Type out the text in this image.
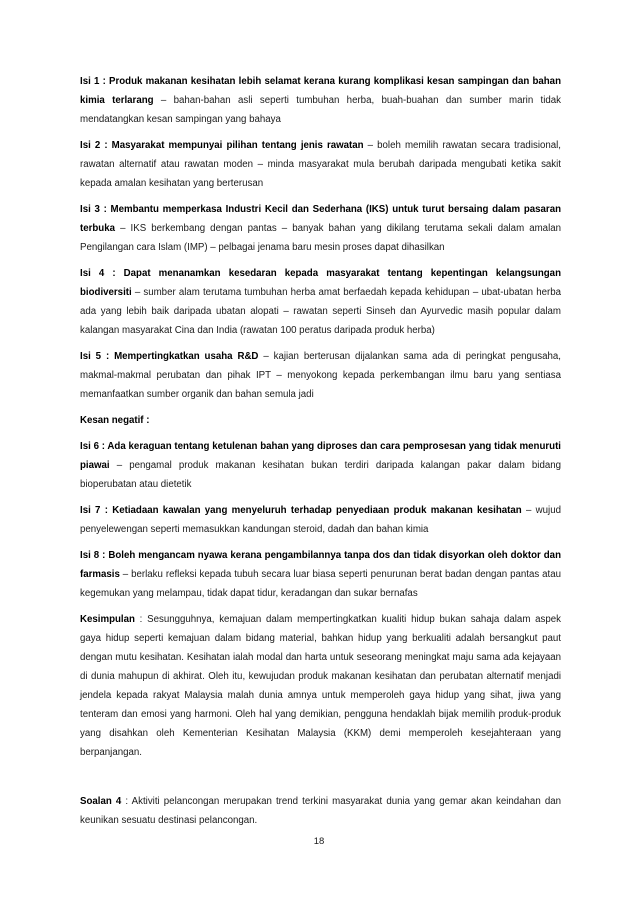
Isi 1 : Produk makanan kesihatan lebih selamat kerana kurang komplikasi kesan sampingan dan bahan kimia terlarang – bahan-bahan asli seperti tumbuhan herba, buah-buahan dan sumber marin tidak mendatangkan kesan sampingan yang bahaya

Isi 2 : Masyarakat mempunyai pilihan tentang jenis rawatan – boleh memilih rawatan secara tradisional, rawatan alternatif atau rawatan moden – minda masyarakat mula berubah daripada mengubati ketika sakit kepada amalan kesihatan yang berterusan

Isi 3 : Membantu memperkasa Industri Kecil dan Sederhana (IKS) untuk turut bersaing dalam pasaran terbuka – IKS berkembang dengan pantas – banyak bahan yang dikilang terutama sekali dalam amalan Pengilangan cara Islam (IMP) – pelbagai jenama baru mesin proses dapat dihasilkan

Isi 4 : Dapat menanamkan kesedaran kepada masyarakat tentang kepentingan kelangsungan biodiversiti – sumber alam terutama tumbuhan herba amat berfaedah kepada kehidupan – ubat-ubatan herba ada yang lebih baik daripada ubatan alopati – rawatan seperti Sinseh dan Ayurvedic masih popular dalam kalangan masyarakat Cina dan India (rawatan 100 peratus daripada produk herba)

Isi 5 : Mempertingkatkan usaha R&D – kajian berterusan dijalankan sama ada di peringkat pengusaha, makmal-makmal perubatan dan pihak IPT – menyokong kepada perkembangan ilmu baru yang sentiasa memanfaatkan sumber organik dan bahan semula jadi

Kesan negatif :

Isi 6 : Ada keraguan tentang ketulenan bahan yang diproses dan cara pemprosesan yang tidak menuruti piawai – pengamal produk makanan kesihatan bukan terdiri daripada kalangan pakar dalam bidang bioperubatan atau dietetik

Isi 7 : Ketiadaan kawalan yang menyeluruh terhadap penyediaan produk makanan kesihatan – wujud penyelewengan seperti memasukkan kandungan steroid, dadah dan bahan kimia

Isi 8 : Boleh mengancam nyawa kerana pengambilannya tanpa dos dan tidak disyorkan oleh doktor dan farmasis – berlaku refleksi kepada tubuh secara luar biasa seperti penurunan berat badan dengan pantas atau kegemukan yang melampau, tidak dapat tidur, keradangan dan sukar bernafas

Kesimpulan : Sesungguhnya, kemajuan dalam mempertingkatkan kualiti hidup bukan sahaja dalam aspek gaya hidup seperti kemajuan dalam bidang material, bahkan hidup yang berkualiti adalah bersangkut paut dengan mutu kesihatan. Kesihatan ialah modal dan harta untuk seseorang meningkat maju sama ada kejayaan di dunia mahupun di akhirat. Oleh itu, kewujudan produk makanan kesihatan dan perubatan alternatif menjadi jendela kepada rakyat Malaysia malah dunia amnya untuk memperoleh gaya hidup yang sihat, jiwa yang tenteram dan emosi yang harmoni. Oleh hal yang demikian, pengguna hendaklah bijak memilih produk-produk yang disahkan oleh Kementerian Kesihatan Malaysia (KKM) demi memperoleh kesejahteraan yang berpanjangan.

Soalan 4 : Aktiviti pelancongan merupakan trend terkini masyarakat dunia yang gemar akan keindahan dan keunikan sesuatu destinasi pelancongan.

18
